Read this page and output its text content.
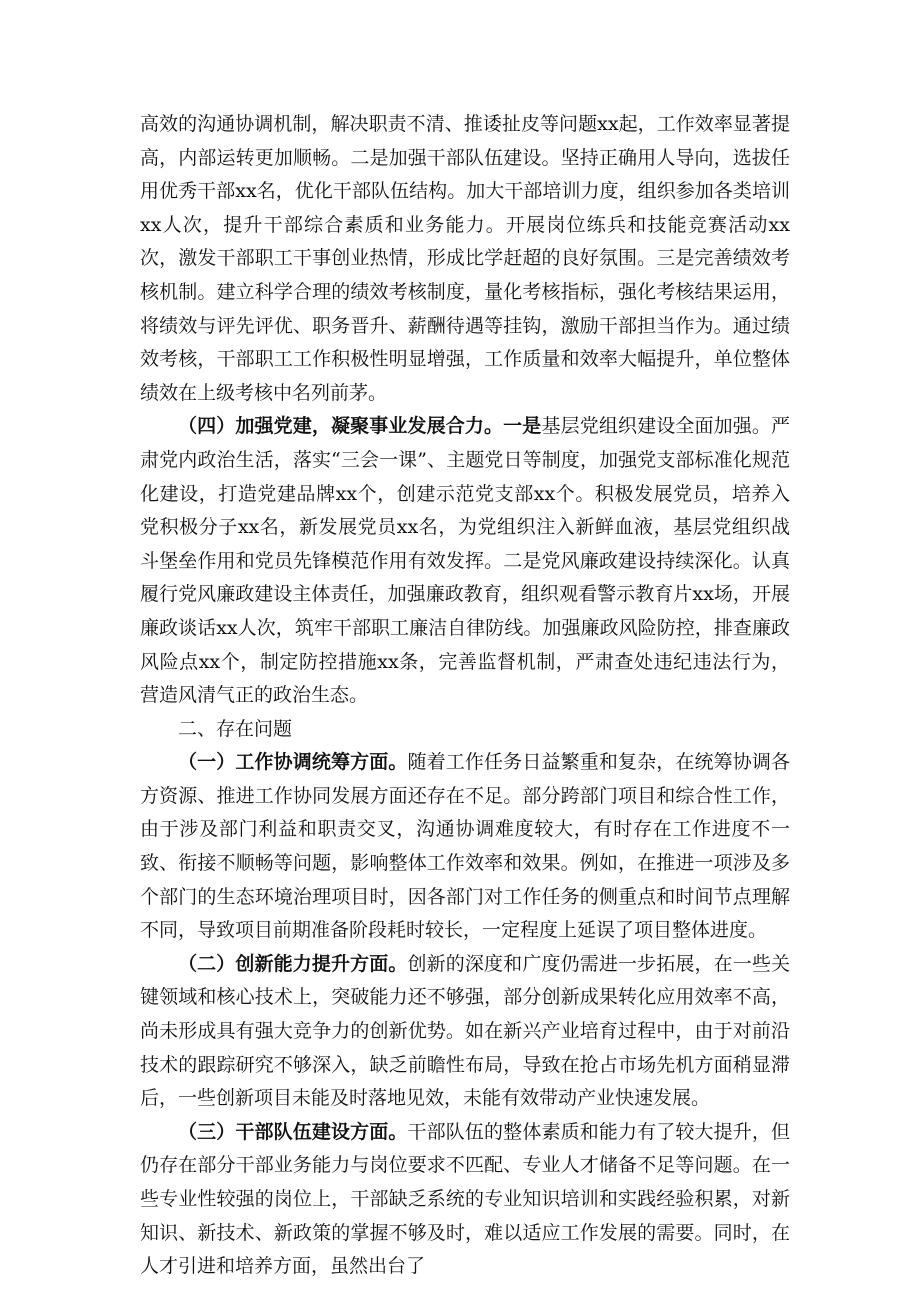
高效的沟通协调机制，解决职责不清、推诿扯皮等问题xx起，工作效率显著提高，内部运转更加顺畅。二是加强干部队伍建设。坚持正确用人导向，选拔任用优秀干部xx名，优化干部队伍结构。加大干部培训力度，组织参加各类培训xx人次，提升干部综合素质和业务能力。开展岗位练兵和技能竞赛活动xx次，激发干部职工干事创业热情，形成比学赶超的良好氛围。三是完善绩效考核机制。建立科学合理的绩效考核制度，量化考核指标，强化考核结果运用，将绩效与评先评优、职务晋升、薪酬待遇等挂钩，激励干部担当作为。通过绩效考核，干部职工工作积极性明显增强，工作质量和效率大幅提升，单位整体绩效在上级考核中名列前茅。

（四）加强党建，凝聚事业发展合力。一是基层党组织建设全面加强。严肃党内政治生活，落实“三会一课”、主题党日等制度，加强党支部标准化规范化建设，打造党建品牌xx个，创建示范党支部xx个。积极发展党员，培养入党积极分子xx名，新发展党员xx名，为党组织注入新鲜血液，基层党组织战斗堡垒作用和党员先锋模范作用有效发挥。二是党风廉政建设持续深化。认真履行党风廉政建设主体责任，加强廉政教育，组织观看警示教育片xx场，开展廉政谈话xx人次，筑牢干部职工廉洁自律防线。加强廉政风险防控，排查廉政风险点xx个，制定防控措施xx条，完善监督机制，严肃查处违纪违法行为，营造风清气正的政治生态。

二、存在问题

（一）工作协调统筹方面。随着工作任务日益繁重和复杂，在统筹协调各方资源、推进工作协同发展方面还存在不足。部分跨部门项目和综合性工作，由于涉及部门利益和职责交叉，沟通协调难度较大，有时存在工作进度不一致、衔接不顺畅等问题，影响整体工作效率和效果。例如，在推进一项涉及多个部门的生态环境治理项目时，因各部门对工作任务的侧重点和时间节点理解不同，导致项目前期准备阶段耗时较长，一定程度上延误了项目整体进度。

（二）创新能力提升方面。创新的深度和广度仍需进一步拓展，在一些关键领域和核心技术上，突破能力还不够强，部分创新成果转化应用效率不高，尚未形成具有强大竞争力的创新优势。如在新兴产业培育过程中，由于对前沿技术的跟踪研究不够深入，缺乏前瞻性布局，导致在抢占市场先机方面稍显滞后，一些创新项目未能及时落地见效，未能有效带动产业快速发展。

（三）干部队伍建设方面。干部队伍的整体素质和能力有了较大提升，但仍存在部分干部业务能力与岗位要求不匹配、专业人才储备不足等问题。在一些专业性较强的岗位上，干部缺乏系统的专业知识培训和实践经验积累，对新知识、新技术、新政策的掌握不够及时，难以适应工作发展的需要。同时，在人才引进和培养方面，虽然出台了
